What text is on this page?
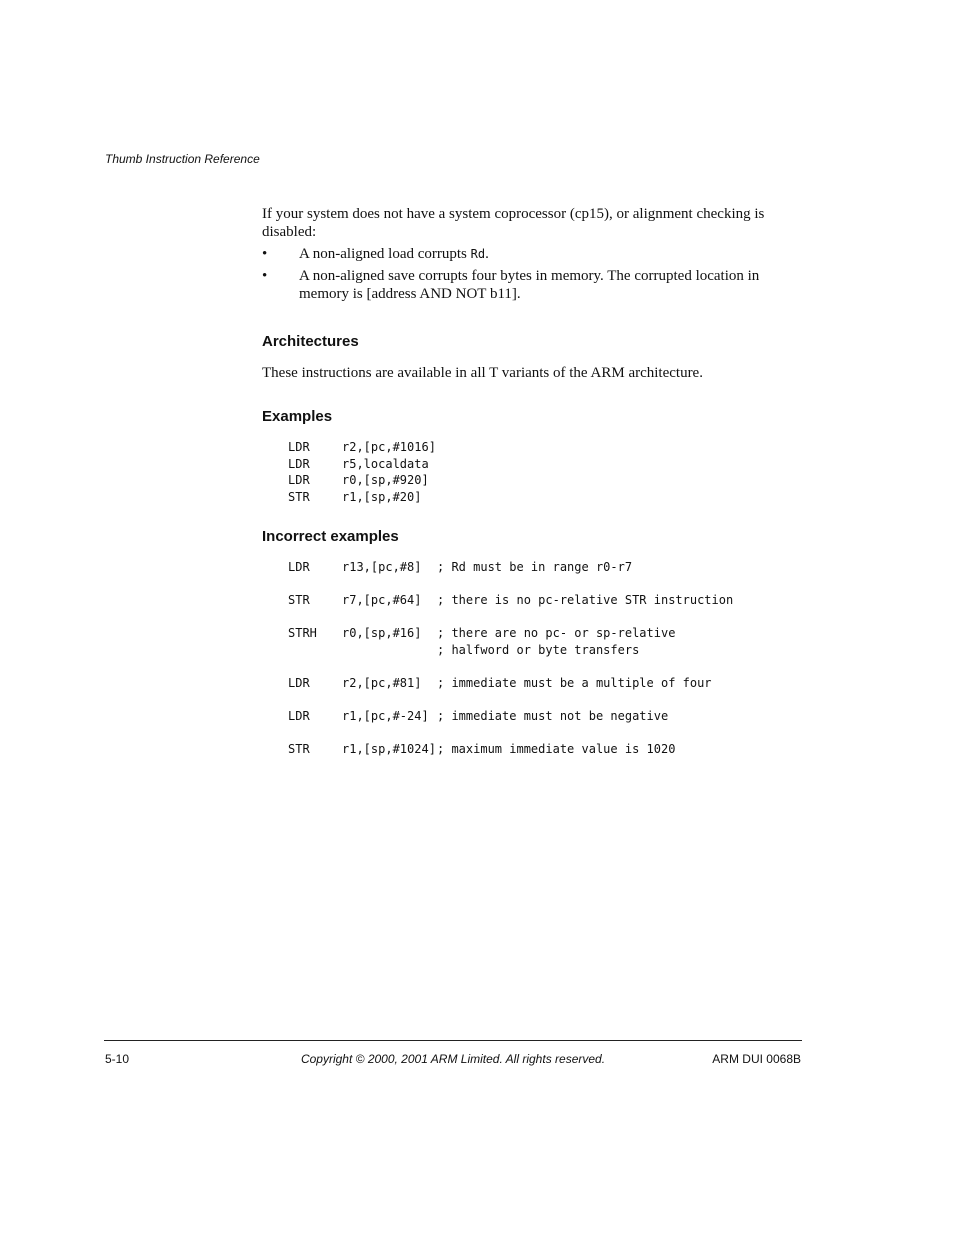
Thumb Instruction Reference

If your system does not have a system coprocessor (cp15), or alignment checking is disabled:

• A non-aligned load corrupts Rd.
• A non-aligned save corrupts four bytes in memory. The corrupted location in memory is [address AND NOT b11].
Architectures

These instructions are available in all T variants of the ARM architecture.

Examples
LDR	r2,[pc,#1016]
LDR	r5,localdata
LDR	r0,[sp,#920]
STR	r1,[sp,#20]
Incorrect examples
LDR	r13,[pc,#8]	; Rd must be in range r0-r7
STR	r7,[pc,#64]	; there is no pc-relative STR instruction
STRH	r0,[sp,#16]	; there are no pc- or sp-relative
; halfword or byte transfers
LDR	r2,[pc,#81]	; immediate must be a multiple of four
LDR	r1,[pc,#-24] ; immediate must not be negative
STR	r1,[sp,#1024] ; maximum immediate value is 1020
5-10	Copyright © 2000, 2001 ARM Limited. All rights reserved.	ARM DUI 0068B
